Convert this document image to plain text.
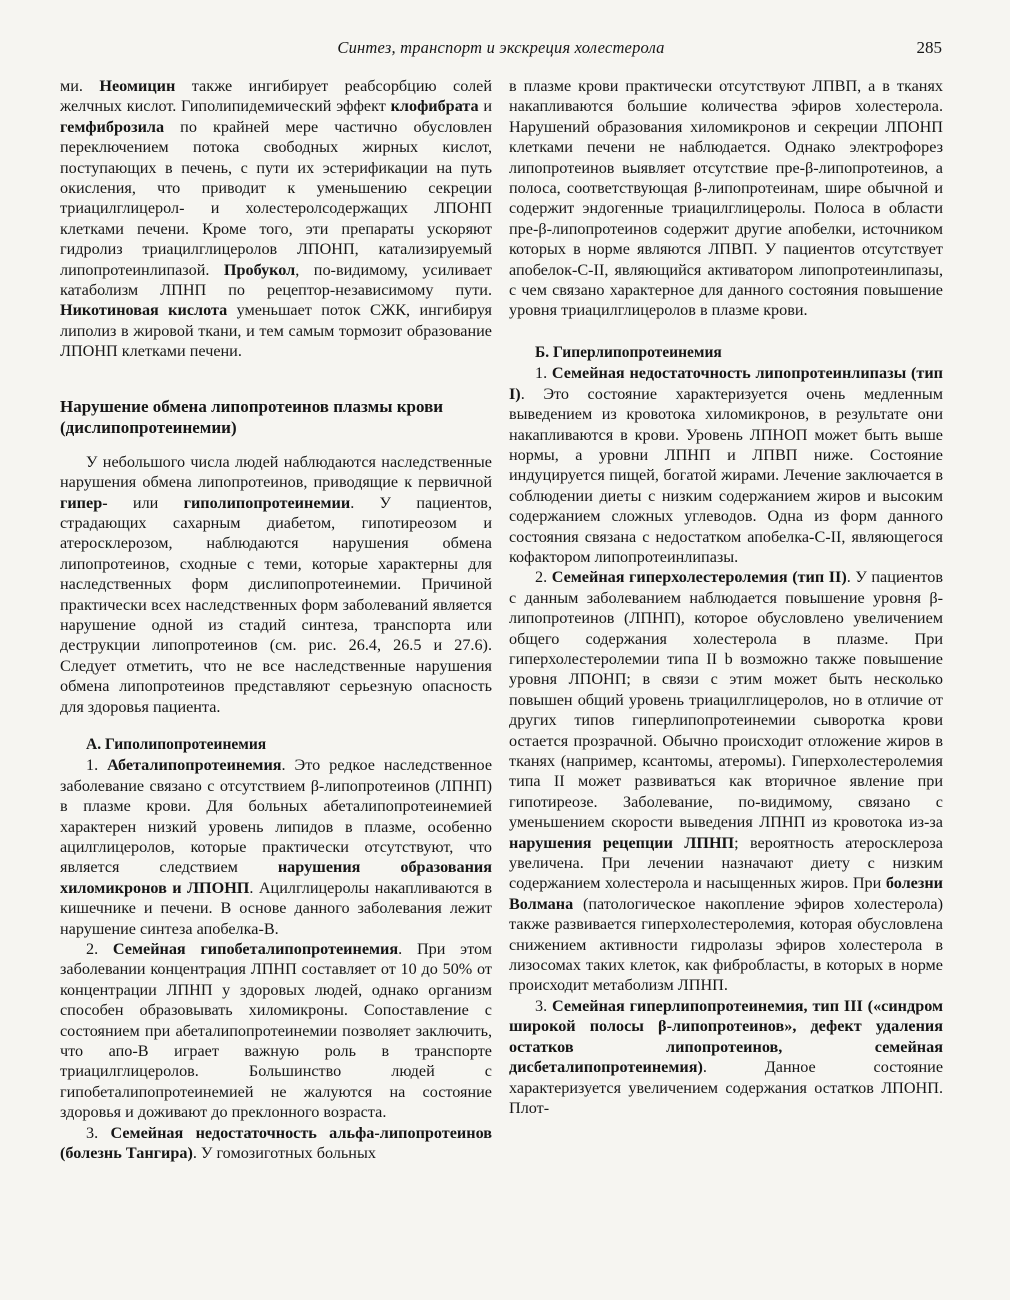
Синтез, транспорт и экскреция холестерола	285

ми. Неомицин также ингибирует реабсорбцию солей желчных кислот. Гиполипидемический эффект клофибрата и гемфиброзила по крайней мере частично обусловлен переключением потока свободных жирных кислот, поступающих в печень, с пути их эстерификации на путь окисления, что приводит к уменьшению секреции триацилглицерол- и холестеролсодержащих ЛПОНП клетками печени. Кроме того, эти препараты ускоряют гидролиз триацилглицеролов ЛПОНП, катализируемый липопротеинлипазой. Пробукол, по-видимому, усиливает катаболизм ЛПНП по рецептор-незавиcимому пути. Никотиновая кислота уменьшает поток СЖК, ингибируя липолиз в жировой ткани, и тем самым тормозит образование ЛПОНП клетками печени.

Нарушение обмена липопротеинов плазмы крови (дислипопротеинемии)

У небольшого числа людей наблюдаются наследственные нарушения обмена липопротеинов, приводящие к первичной гипер- или гиполипопротеинемии. У пациентов, страдающих сахарным диабетом, гипотиреозом и атеросклерозом, наблюдаются нарушения обмена липопротеинов, сходные с теми, которые характерны для наследственных форм дислипопротеинемии. Причиной практически всех наследственных форм заболеваний является нарушение одной из стадий синтеза, транспорта или деструкции липопротеинов (см. рис. 26.4, 26.5 и 27.6). Следует отметить, что не все наследственные нарушения обмена липопротеинов представляют серьезную опасность для здоровья пациента.

А. Гиполипопротеинемия

1. Абеталипопротеинемия. Это редкое наследственное заболевание связано с отсутствием β-липопротеинов (ЛПНП) в плазме крови. Для больных абеталипопротеинемией характерен низкий уровень липидов в плазме, особенно ацилглицеролов, которые практически отсутствуют, что является следствием нарушения образования хиломикронов и ЛПОНП. Ацилглицеролы накапливаются в кишечнике и печени. В основе данного заболевания лежит нарушение синтеза апобелка-В.

2. Семейная гипобеталипопротеинемия. При этом заболевании концентрация ЛПНП составляет от 10 до 50% от концентрации ЛПНП у здоровых людей, однако организм способен образовывать хиломикроны. Сопоставление с состоянием при абеталипопротеинемии позволяет заключить, что апо-В играет важную роль в транспорте триацилглицеролов. Большинство людей с гипобеталипопротеинемией не жалуются на состояние здоровья и доживают до преклонного возраста.

3. Семейная недостаточность альфа-липопротеинов (болезнь Тангира). У гомозиготных больных

в плазме крови практически отсутствуют ЛПВП, а в тканях накапливаются большие количества эфиров холестерола. Нарушений образования хиломикронов и секреции ЛПОНП клетками печени не наблюдается. Однако электрофорез липопротеинов выявляет отсутствие пре-β-липопротеинов, а полоса, соответствующая β-липопротеинам, шире обычной и содержит эндогенные триацилглицеролы. Полоса в области пре-β-липопротеинов содержит другие апобелки, источником которых в норме являются ЛПВП. У пациентов отсутствует апобелок-С-II, являющийся активатором липопротеинлипазы, с чем связано характерное для данного состояния повышение уровня триацилглицеролов в плазме крови.

Б. Гиперлипопротеинемия

1. Семейная недостаточность липопротеинлипазы (тип I). Это состояние характеризуется очень медленным выведением из кровотока хиломикронов, в результате они накапливаются в крови. Уровень ЛПНОП может быть выше нормы, а уровни ЛПНП и ЛПВП ниже. Состояние индуцируется пищей, богатой жирами. Лечение заключается в соблюдении диеты с низким содержанием жиров и высоким содержанием сложных углеводов. Одна из форм данного состояния связана с недостатком апобелка-С-II, являющегося кофактором липопротеинлипазы.

2. Семейная гиперхолестеролемия (тип II). У пациентов с данным заболеванием наблюдается повышение уровня β-липопротеинов (ЛПНП), которое обусловлено увеличением общего содержания холестерола в плазме. При гиперхолестеролемии типа II b возможно также повышение уровня ЛПОНП; в связи с этим может быть несколько повышен общий уровень триацилглицеролов, но в отличие от других типов гиперлипопротеинемии сыворотка крови остается прозрачной. Обычно происходит отложение жиров в тканях (например, ксантомы, атеромы). Гиперхолестеролемия типа II может развиваться как вторичное явление при гипотиреозе. Заболевание, по-видимому, связано с уменьшением скорости выведения ЛПНП из кровотока из-за нарушения рецепции ЛПНП; вероятность атеросклероза увеличена. При лечении назначают диету с низким содержанием холестерола и насыщенных жиров. При болезни Волмана (патологическое накопление эфиров холестерола) также развивается гиперхолестеролемия, которая обусловлена снижением активности гидролазы эфиров холестерола в лизосомах таких клеток, как фибробласты, в которых в норме происходит метаболизм ЛПНП.

3. Семейная гиперлипопротеинемия, тип III («синдром широкой полосы β-липопротеинов», дефект удаления остатков липопротеинов, семейная дисбеталипопротеинемия). Данное состояние характеризуется увеличением содержания остатков ЛПОНП. Плот-
